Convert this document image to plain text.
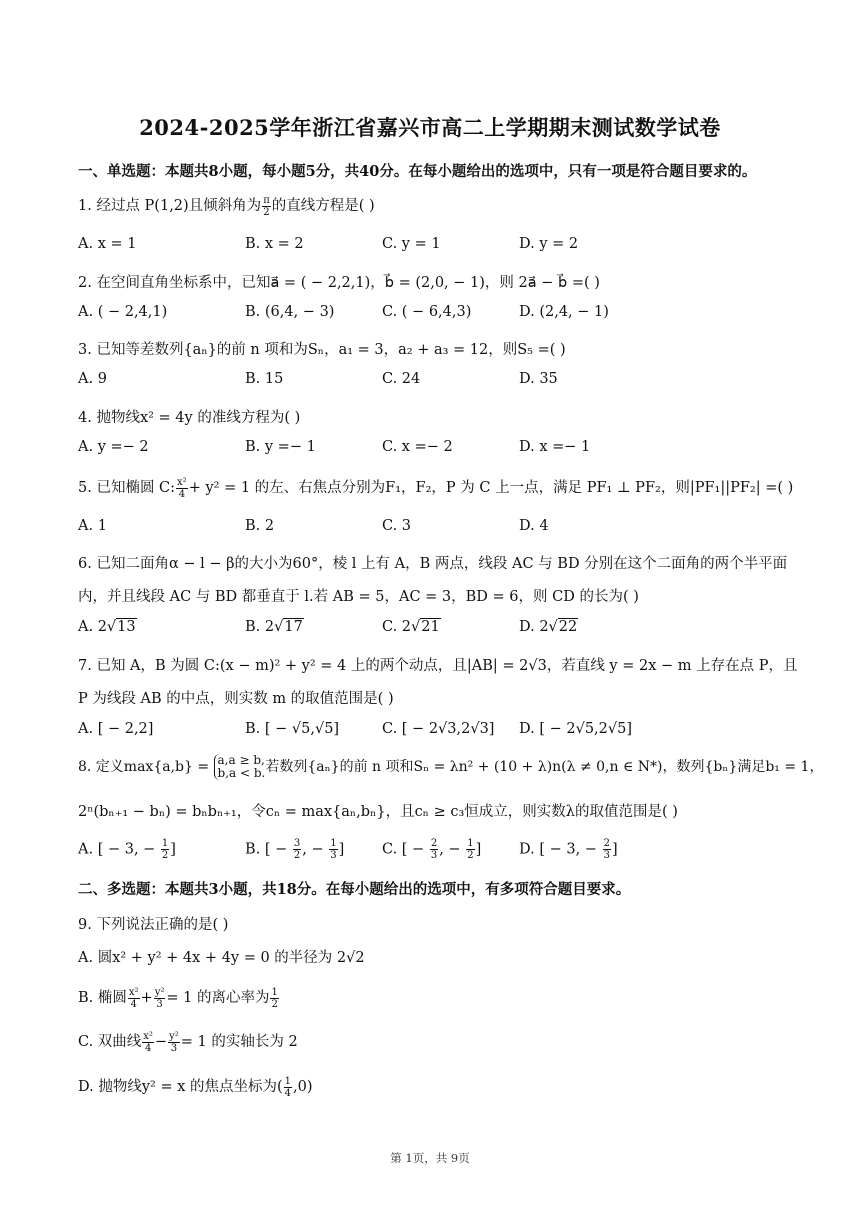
2024-2025学年浙江省嘉兴市高二上学期期末测试数学试卷
一、单选题：本题共8小题，每小题5分，共40分。在每小题给出的选项中，只有一项是符合题目要求的。
1. 经过点 P(1,2)且倾斜角为 $\frac{\pi}{2}$ 的直线方程是( )
A. x = 1	B. x = 2	C. y = 1	D. y = 2
2. 在空间直角坐标系中，已知a⃗ = ( − 2,2,1)，b⃗ = (2,0, − 1)，则 2a⃗ − b⃗ =( )
A. ( − 2,4,1)	B. (6,4, − 3)	C. ( − 6,4,3)	D. (2,4, − 1)
3. 已知等差数列{aₙ}的前 n 项和为Sₙ，a₁ = 3，a₂ + a₃ = 12，则S₅ =( )
A. 9	B. 15	C. 24	D. 35
4. 抛物线x² = 4y 的准线方程为( )
A. y =− 2	B. y =− 1	C. x =− 2	D. x =− 1
5. 已知椭圆 C: $\frac{\text{x²}}{4} + y^2 = 1$ 的左、右焦点分别为F₁，F₂，P 为 C 上一点，满足 PF₁ ⊥ PF₂，则|PF₁||PF₂| =( )
A. 1	B. 2	C. 3	D. 4
6. 已知二面角α − l − β的大小为60°，棱 l 上有 A，B 两点，线段 AC 与 BD 分别在这个二面角的两个半平面
内，并且线段 AC 与 BD 都垂直于 l.若 AB = 5，AC = 3，BD = 6，则 CD 的长为( )
A. 2√13	B. 2√17	C. 2√21	D. 2√22
7. 已知 A，B 为圆 C:(x − m)² + y² = 4 上的两个动点，且|AB| = 2√3，若直线 y = 2x − m 上存在点 P，且
P 为线段 AB 的中点，则实数 m 的取值范围是( )
A. [ − 2,2]	B. [ − √5,√5]	C. [ − 2√3,2√3] D. [ − 2√5,2√5]
8. 定义max{a,b} = a,a ≥ b,
b,a < b. 若数列{aₙ}的前 n 项和Sₙ = λn² + (10 + λ)n(λ ≠ 0,n ∈ N*)，数列{bₙ}满足b₁ = 1，
2ⁿ(bₙ₊₁ − bₙ) = bₙbₙ₊₁，令cₙ = max{aₙ,bₙ}，且cₙ ≥ c₃恒成立，则实数λ的取值范围是( )
A. [ − 3, − $\frac{1}{2}$ ]	B. [ − $\frac{3}{2}$ , − $\frac{1}{3}$ ]	C. [ − $\frac{2}{3}$ , − $\frac{1}{2}$ ]	D. [ − 3, − $\frac{2}{3}$ ]
二、多选题：本题共3小题，共18分。在每小题给出的选项中，有多项符合题目要求。
9. 下列说法正确的是( )
A. 圆x² + y² + 4x + 4y = 0 的半径为 2√2
B. 椭圆 $\frac{\text{x²}}{4} + \frac{\text{y²}}{3} = 1$ 的离心率为 $\frac{1}{2}$
C. 双曲线 $\frac{\text{x²}}{4} - \frac{\text{y²}}{3} = 1$ 的实轴长为 2
D. 抛物线y² = x 的焦点坐标为( $\frac{1}{4} ,0$)
第 1页，共 9页
